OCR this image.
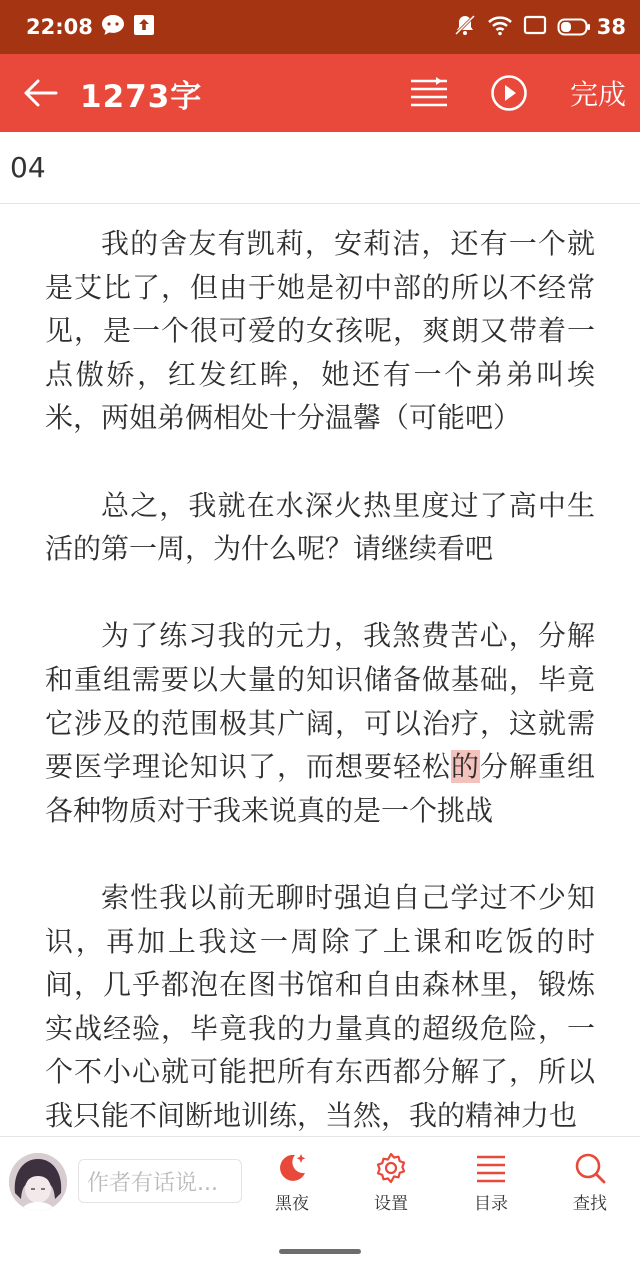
22:08	38
1273字	完成
04

我的舍友有凯莉，安莉洁，还有一个就是艾比了，但由于她是初中部的所以不经常见，是一个很可爱的女孩呢，爽朗又带着一点傲娇，红发红眸，她还有一个弟弟叫埃米，两姐弟俩相处十分温馨（可能吧）

总之，我就在水深火热里度过了高中生活的第一周，为什么呢？请继续看吧

为了练习我的元力，我煞费苦心，分解和重组需要以大量的知识储备做基础，毕竟它涉及的范围极其广阔，可以治疗，这就需要医学理论知识了，而想要轻松的分解重组各种物质对于我来说真的是一个挑战

索性我以前无聊时强迫自己学过不少知识，再加上我这一周除了上课和吃饭的时间，几乎都泡在图书馆和自由森林里，锻炼实战经验，毕竟我的力量真的超级危险，一个不小心就可能把所有东西都分解了，所以我只能不间断地训练，当然，我的精神力也

作者有话说...
黑夜	设置	目录	查找
